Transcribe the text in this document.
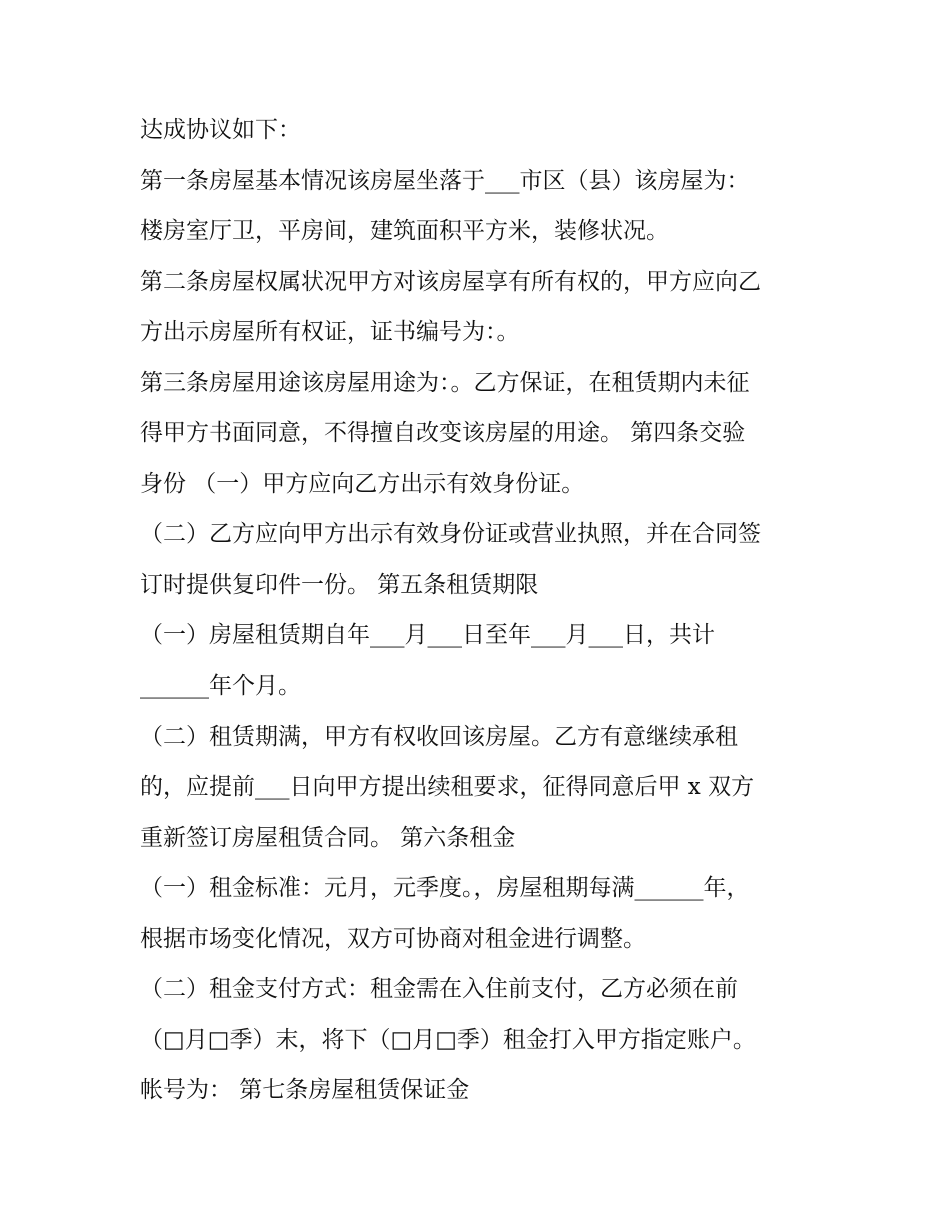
达成协议如下：

第一条房屋基本情况该房屋坐落于___市区（县）该房屋为：

楼房室厅卫，平房间，建筑面积平方米，装修状况。

第二条房屋权属状况甲方对该房屋享有所有权的，甲方应向乙

方出示房屋所有权证，证书编号为：。

第三条房屋用途该房屋用途为：。乙方保证，在租赁期内未征

得甲方书面同意，不得擅自改变该房屋的用途。 第四条交验

身份 （一）甲方应向乙方出示有效身份证。

（二）乙方应向甲方出示有效身份证或营业执照，并在合同签

订时提供复印件一份。 第五条租赁期限

（一）房屋租赁期自年___月___日至年___月___日，共计

______年个月。

（二）租赁期满，甲方有权收回该房屋。乙方有意继续承租

的，应提前___日向甲方提出续租要求，征得同意后甲 x 双方

重新签订房屋租赁合同。 第六条租金

（一）租金标准：元月，元季度。，房屋租期每满______年，

根据市场变化情况，双方可协商对租金进行调整。

（二）租金支付方式：租金需在入住前支付，乙方必须在前

（□月□季）末，将下（□月□季）租金打入甲方指定账户。

帐号为： 第七条房屋租赁保证金
